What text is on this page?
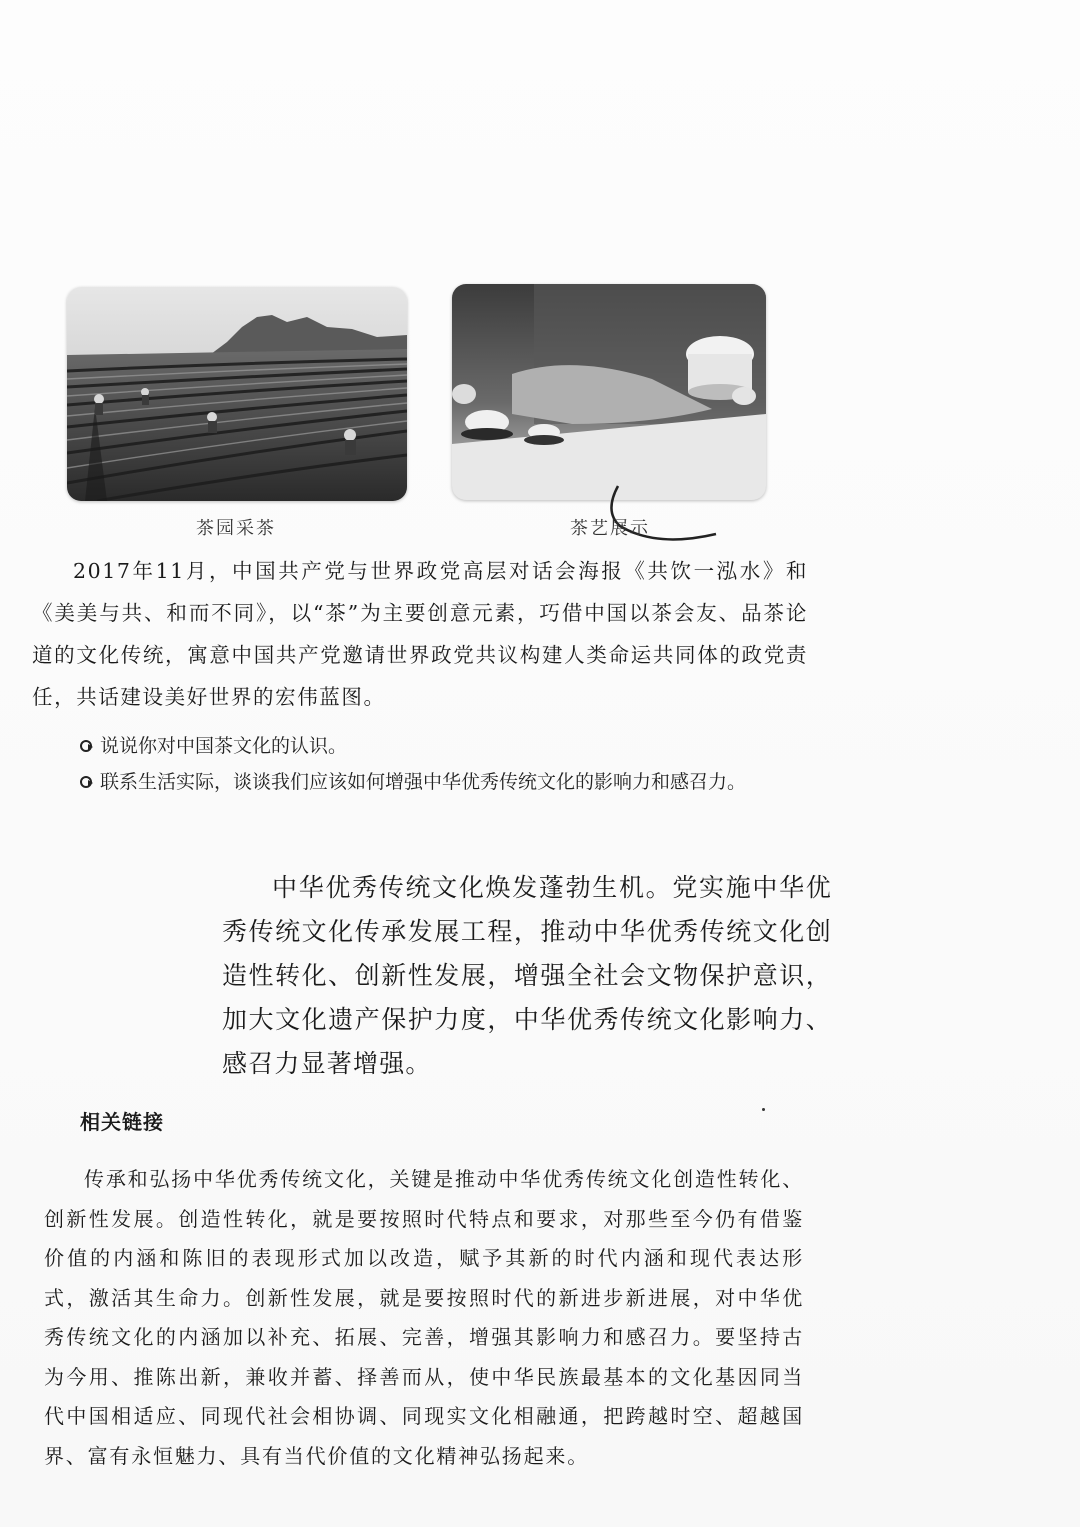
茶园采茶	茶艺展示

2017年11月，中国共产党与世界政党高层对话会海报《共饮一泓水》和《美美与共、和而不同》，以“茶”为主要创意元素，巧借中国以茶会友、品茶论道的文化传统，寓意中国共产党邀请世界政党共议构建人类命运共同体的政党责任，共话建设美好世界的宏伟蓝图。

说说你对中国茶文化的认识。
联系生活实际，谈谈我们应该如何增强中华优秀传统文化的影响力和感召力。

中华优秀传统文化焕发蓬勃生机。党实施中华优秀传统文化传承发展工程，推动中华优秀传统文化创造性转化、创新性发展，增强全社会文物保护意识，加大文化遗产保护力度，中华优秀传统文化影响力、感召力显著增强。

相关链接

传承和弘扬中华优秀传统文化，关键是推动中华优秀传统文化创造性转化、创新性发展。创造性转化，就是要按照时代特点和要求，对那些至今仍有借鉴价值的内涵和陈旧的表现形式加以改造，赋予其新的时代内涵和现代表达形式，激活其生命力。创新性发展，就是要按照时代的新进步新进展，对中华优秀传统文化的内涵加以补充、拓展、完善，增强其影响力和感召力。要坚持古为今用、推陈出新，兼收并蓄、择善而从，使中华民族最基本的文化基因同当代中国相适应、同现代社会相协调、同现实文化相融通，把跨越时空、超越国界、富有永恒魅力、具有当代价值的文化精神弘扬起来。
